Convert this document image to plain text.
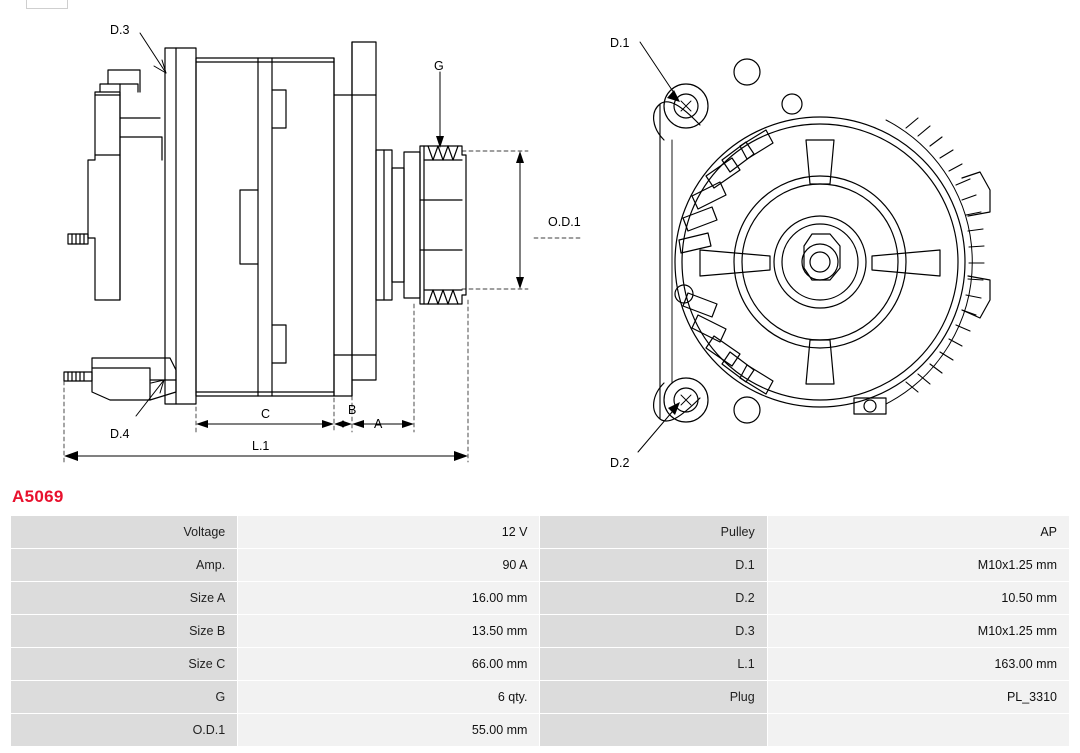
D.3
D.4
G
O.D.1
A
B
C
L.1
D.1
D.2
A5069
Voltage	12 V	Pulley	AP
Amp.	90 A	D.1	M10x1.25 mm
Size A	16.00 mm	D.2	10.50 mm
Size B	13.50 mm	D.3	M10x1.25 mm
Size C	66.00 mm	L.1	163.00 mm
G	6 qty.	Plug	PL_3310
O.D.1	55.00 mm		
